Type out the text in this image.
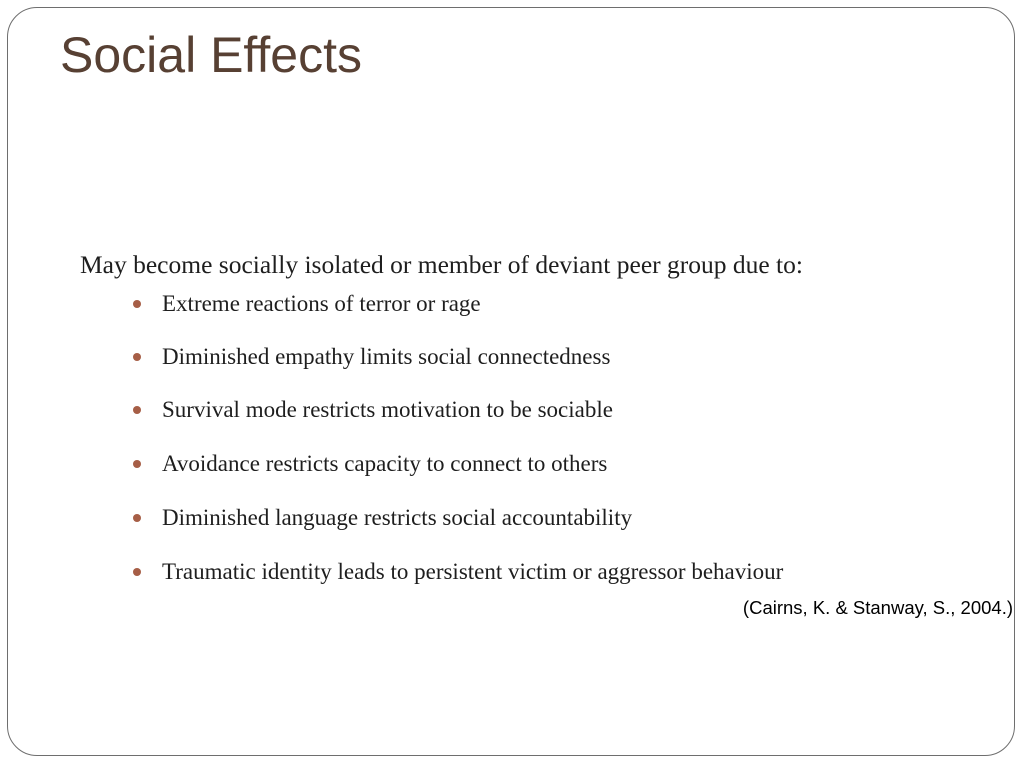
Social Effects

May become socially isolated or member of deviant peer group due to:

Extreme reactions of terror or rage
Diminished empathy limits social connectedness
Survival mode restricts motivation to be sociable
Avoidance restricts capacity to connect to others
Diminished language restricts social accountability
Traumatic identity leads to persistent victim or aggressor behaviour

(Cairns, K. & Stanway, S., 2004.)
